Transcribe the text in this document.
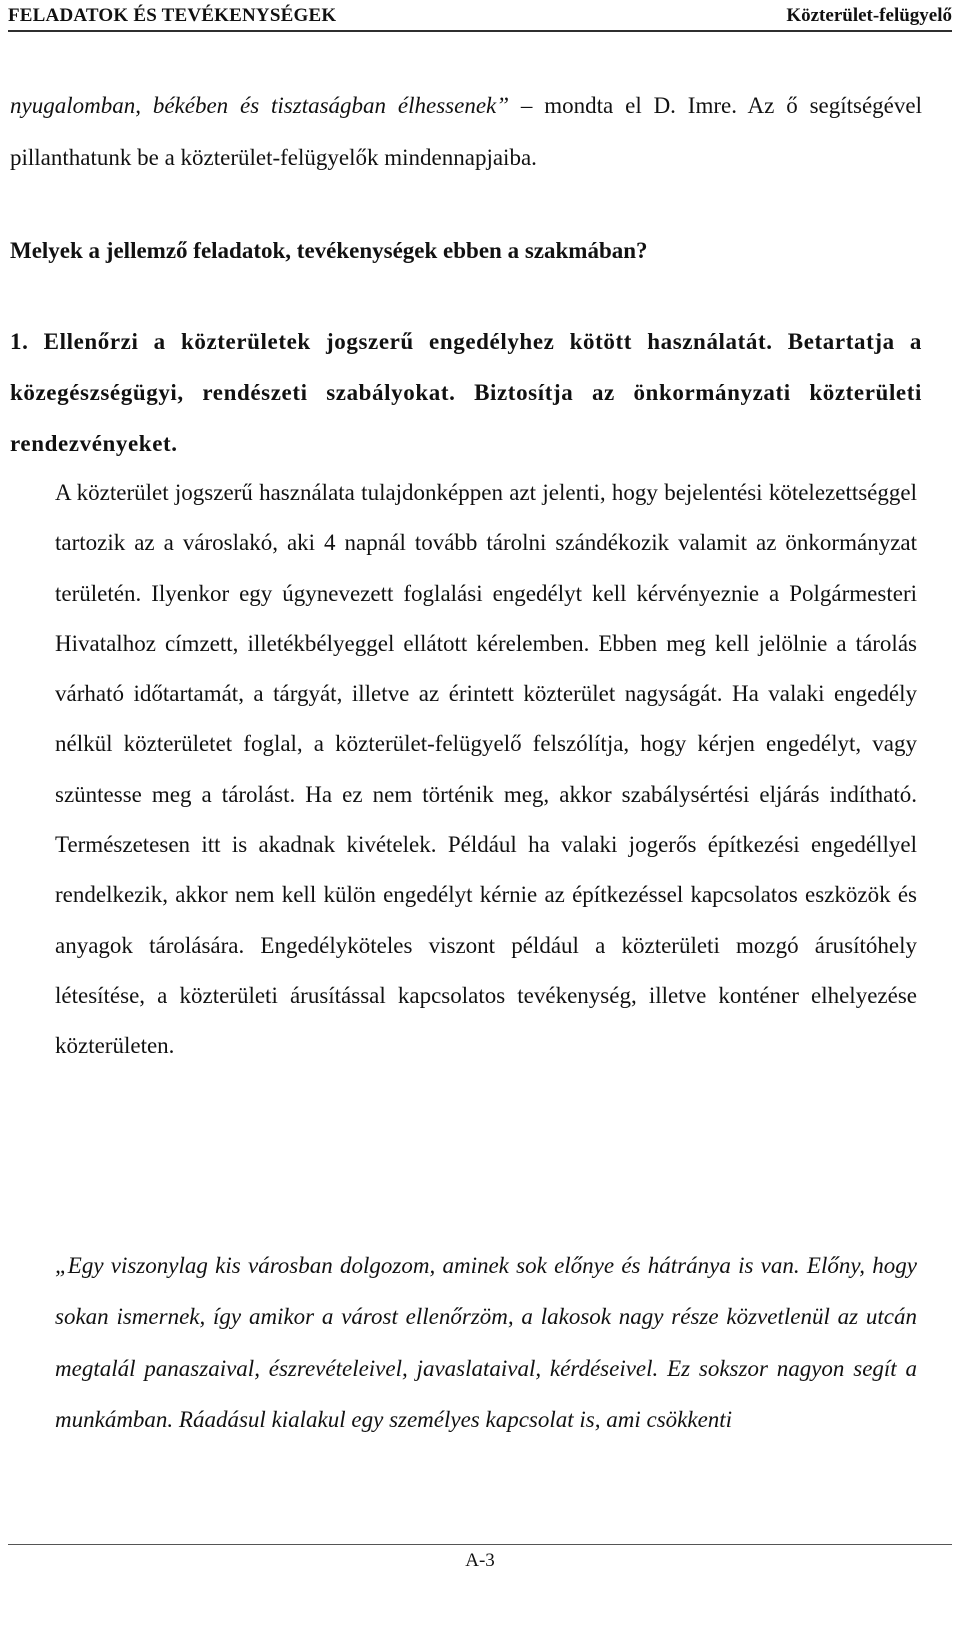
FELADATOK ÉS TEVÉKENYSÉGEK	Közterület-felügyelő

nyugalomban, békében és tisztaságban élhessenek” – mondta el D. Imre. Az ő segítségével pillanthatunk be a közterület-felügyelők mindennapjaiba.

Melyek a jellemző feladatok, tevékenységek ebben a szakmában?

1. Ellenőrzi a közterületek jogszerű engedélyhez kötött használatát. Betartatja a közegészségügyi, rendészeti szabályokat. Biztosítja az önkormányzati közterületi rendezvényeket.

A közterület jogszerű használata tulajdonképpen azt jelenti, hogy bejelentési kötelezettséggel tartozik az a városlakó, aki 4 napnál tovább tárolni szándékozik valamit az önkormányzat területén. Ilyenkor egy úgynevezett foglalási engedélyt kell kérvényeznie a Polgármesteri Hivatalhoz címzett, illetékbélyeggel ellátott kérelemben. Ebben meg kell jelölnie a tárolás várható időtartamát, a tárgyát, illetve az érintett közterület nagyságát. Ha valaki engedély nélkül közterületet foglal, a közterület-felügyelő felszólítja, hogy kérjen engedélyt, vagy szüntesse meg a tárolást. Ha ez nem történik meg, akkor szabálysértési eljárás indítható. Természetesen itt is akadnak kivételek. Például ha valaki jogerős építkezési engedéllyel rendelkezik, akkor nem kell külön engedélyt kérnie az építkezéssel kapcsolatos eszközök és anyagok tárolására. Engedélyköteles viszont például a közterületi mozgó árusítóhely létesítése, a közterületi árusítással kapcsolatos tevékenység, illetve konténer elhelyezése közterületen.

„Egy viszonylag kis városban dolgozom, aminek sok előnye és hátránya is van. Előny, hogy sokan ismernek, így amikor a várost ellenőrzöm, a lakosok nagy része közvetlenül az utcán megtalál panaszaival, észrevételeivel, javaslataival, kérdéseivel. Ez sokszor nagyon segít a munkámban. Ráadásul kialakul egy személyes kapcsolat is, ami csökkenti

A-3
